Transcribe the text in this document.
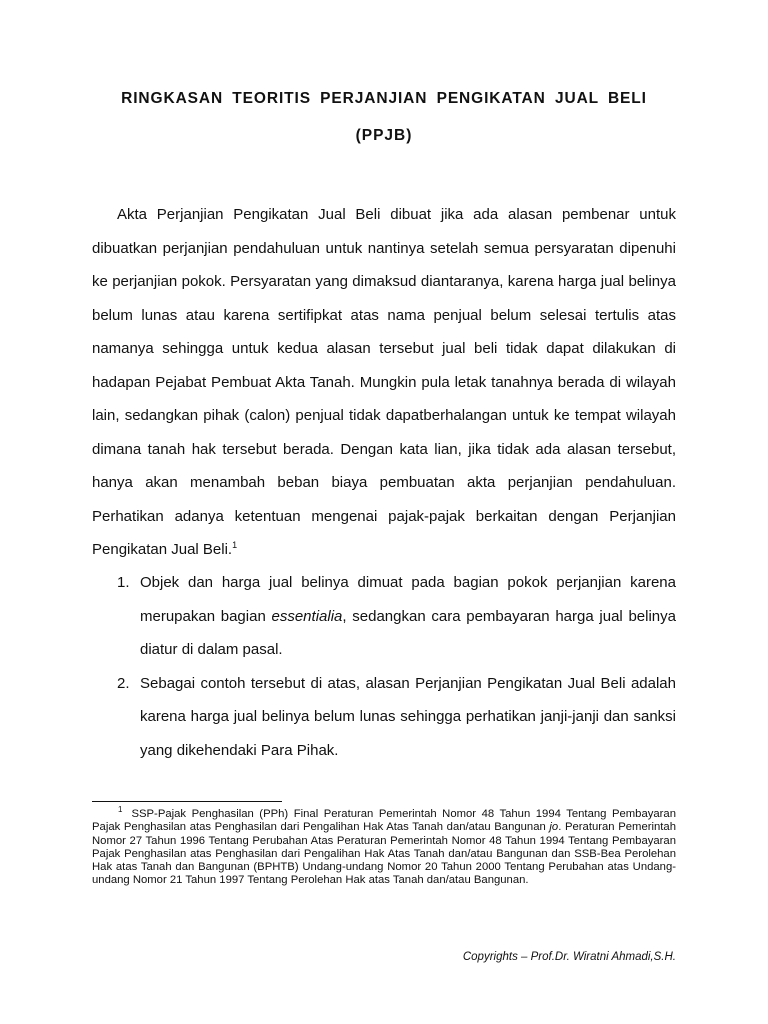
RINGKASAN TEORITIS PERJANJIAN PENGIKATAN JUAL BELI
(PPJB)

Akta Perjanjian Pengikatan Jual Beli dibuat jika ada alasan pembenar untuk dibuatkan perjanjian pendahuluan untuk nantinya setelah semua persyaratan dipenuhi ke perjanjian pokok. Persyaratan yang dimaksud diantaranya, karena harga jual belinya belum lunas atau karena sertifipkat atas nama penjual belum selesai tertulis atas namanya sehingga untuk kedua alasan tersebut jual beli tidak dapat dilakukan di hadapan Pejabat Pembuat Akta Tanah. Mungkin pula letak tanahnya berada di wilayah lain, sedangkan pihak (calon) penjual tidak dapatberhalangan untuk ke tempat wilayah dimana tanah hak tersebut berada. Dengan kata lian, jika tidak ada alasan tersebut, hanya akan menambah beban biaya pembuatan akta perjanjian pendahuluan. Perhatikan adanya ketentuan mengenai pajak-pajak berkaitan dengan Perjanjian Pengikatan Jual Beli.$^1$

1. Objek dan harga jual belinya dimuat pada bagian pokok perjanjian karena merupakan bagian essentialia, sedangkan cara pembayaran harga jual belinya diatur di dalam pasal.
2. Sebagai contoh tersebut di atas, alasan Perjanjian Pengikatan Jual Beli adalah karena harga jual belinya belum lunas sehingga perhatikan janji-janji dan sanksi yang dikehendaki Para Pihak.

$^1$ SSP-Pajak Penghasilan (PPh) Final Peraturan Pemerintah Nomor 48 Tahun 1994 Tentang Pembayaran Pajak Penghasilan atas Penghasilan dari Pengalihan Hak Atas Tanah dan/atau Bangunan jo. Peraturan Pemerintah Nomor 27 Tahun 1996 Tentang Perubahan Atas Peraturan Pemerintah Nomor 48 Tahun 1994 Tentang Pembayaran Pajak Penghasilan atas Penghasilan dari Pengalihan Hak Atas Tanah dan/atau Bangunan dan SSB-Bea Perolehan Hak atas Tanah dan Bangunan (BPHTB) Undang-undang Nomor 20 Tahun 2000 Tentang Perubahan atas Undang-undang Nomor 21 Tahun 1997 Tentang Perolehan Hak atas Tanah dan/atau Bangunan.

Copyrights – Prof.Dr. Wiratni Ahmadi,S.H.
